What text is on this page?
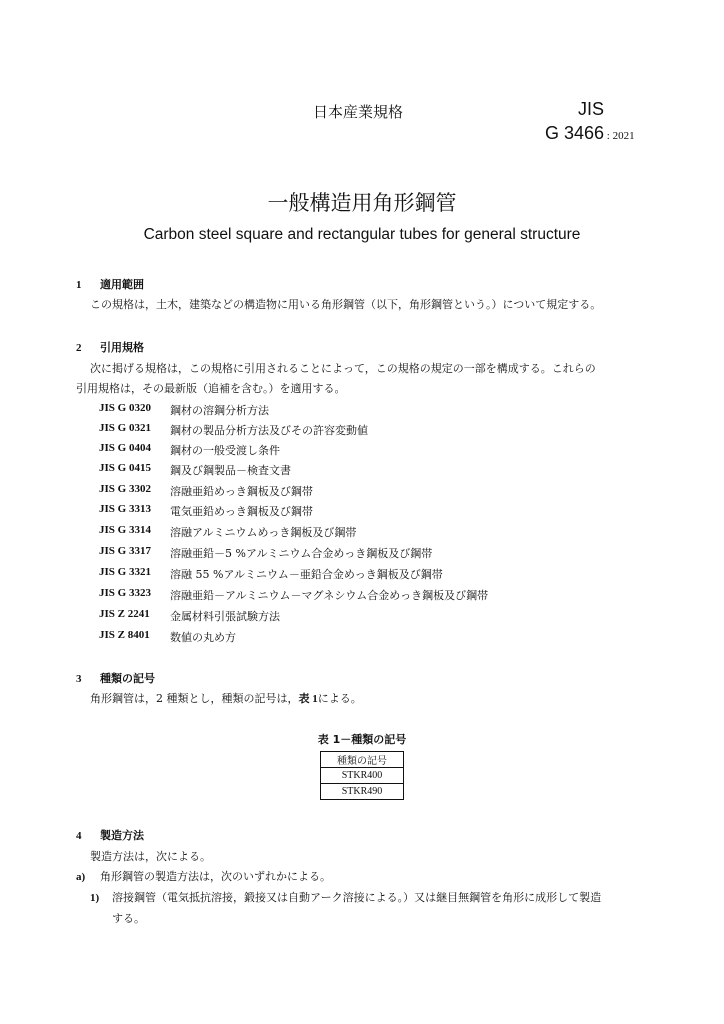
日本産業規格	JIS
G 3466 : 2021
一般構造用角形鋼管
Carbon steel square and rectangular tubes for general structure
1 適用範囲
この規格は，土木，建築などの構造物に用いる角形鋼管（以下，角形鋼管という。）について規定する。
2 引用規格
次に掲げる規格は，この規格に引用されることによって，この規格の規定の一部を構成する。これらの
引用規格は，その最新版（追補を含む。）を適用する。
JIS G 0320 鋼材の溶鋼分析方法
JIS G 0321 鋼材の製品分析方法及びその許容変動値
JIS G 0404 鋼材の一般受渡し条件
JIS G 0415 鋼及び鋼製品－検査文書
JIS G 3302 溶融亜鉛めっき鋼板及び鋼帯
JIS G 3313 電気亜鉛めっき鋼板及び鋼帯
JIS G 3314 溶融アルミニウムめっき鋼板及び鋼帯
JIS G 3317 溶融亜鉛－5 %アルミニウム合金めっき鋼板及び鋼帯
JIS G 3321 溶融 55 %アルミニウム－亜鉛合金めっき鋼板及び鋼帯
JIS G 3323 溶融亜鉛－アルミニウム－マグネシウム合金めっき鋼板及び鋼帯
JIS Z 2241 金属材料引張試験方法
JIS Z 8401 数値の丸め方
3 種類の記号
角形鋼管は，2 種類とし，種類の記号は，表 1による。
表 1－種類の記号
種類の記号
STKR400
STKR490
4 製造方法
製造方法は，次による。
a) 角形鋼管の製造方法は，次のいずれかによる。
1) 溶接鋼管（電気抵抗溶接，鍛接又は自動アーク溶接による。）又は継目無鋼管を角形に成形して製造
する。
